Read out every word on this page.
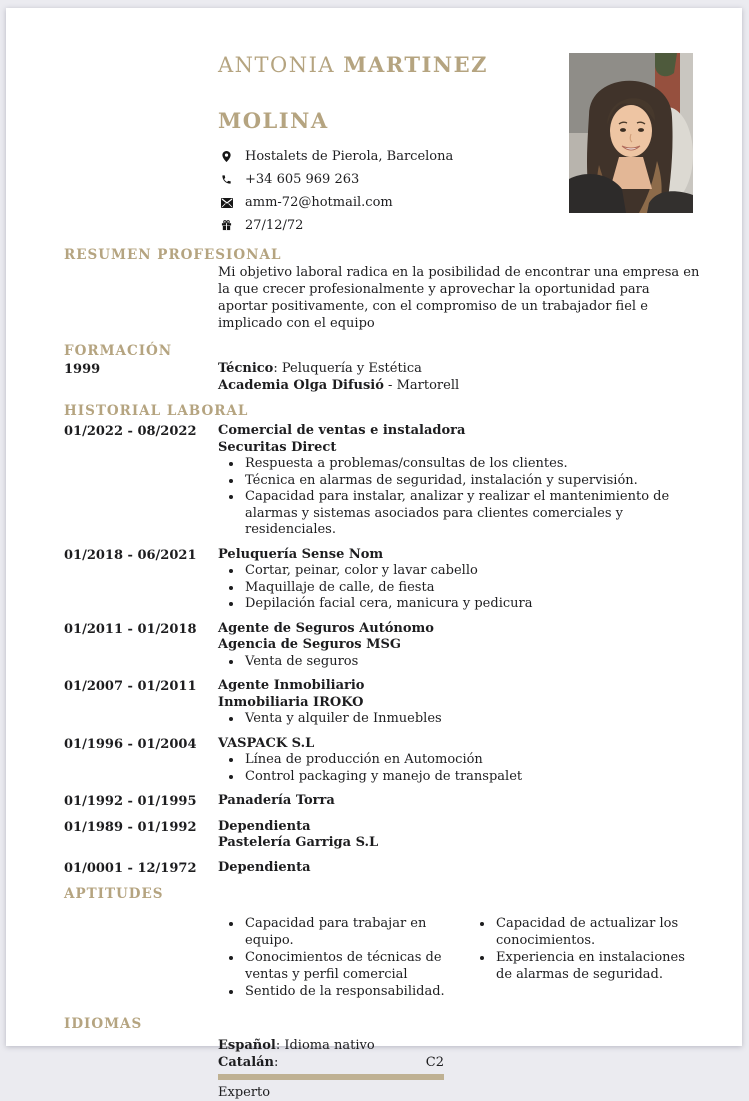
ANTONIA MARTINEZ
MOLINA
Hostalets de Pierola, Barcelona
+34 605 969 263
amm-72@hotmail.com
27/12/72
RESUMEN PROFESIONAL

Mi objetivo laboral radica en la posibilidad de encontrar una empresa en la que crecer profesionalmente y aprovechar la oportunidad para aportar positivamente, con el compromiso de un trabajador fiel e implicado con el equipo

FORMACIÓN
1999	Técnico: Peluquería y Estética
Academia Olga Difusió - Martorell
HISTORIAL LABORAL
01/2022 - 08/2022	Comercial de ventas e instaladora
Securitas Direct
• Respuesta a problemas/consultas de los clientes.
• Técnica en alarmas de seguridad, instalación y supervisión.
• Capacidad para instalar, analizar y realizar el mantenimiento de alarmas y sistemas asociados para clientes comerciales y residenciales.
01/2018 - 06/2021	Peluquería Sense Nom
• Cortar, peinar, color y lavar cabello
• Maquillaje de calle, de fiesta
• Depilación facial cera, manicura y pedicura
01/2011 - 01/2018	Agente de Seguros Autónomo
Agencia de Seguros MSG
• Venta de seguros
01/2007 - 01/2011	Agente Inmobiliario
Inmobiliaria IROKO
• Venta y alquiler de Inmuebles
01/1996 - 01/2004	VASPACK S.L
• Línea de producción en Automoción
• Control packaging y manejo de transpalet
01/1992 - 01/1995	Panadería Torra
01/1989 - 01/1992	Dependienta
Pastelería Garriga S.L
01/0001 - 12/1972	Dependienta
APTITUDES
• Capacidad para trabajar en equipo.
• Conocimientos de técnicas de ventas y perfil comercial
• Sentido de la responsabilidad.
• Capacidad de actualizar los conocimientos.
• Experiencia en instalaciones de alarmas de seguridad.
IDIOMAS
Español: Idioma nativo
Catalán:	C2
Experto
